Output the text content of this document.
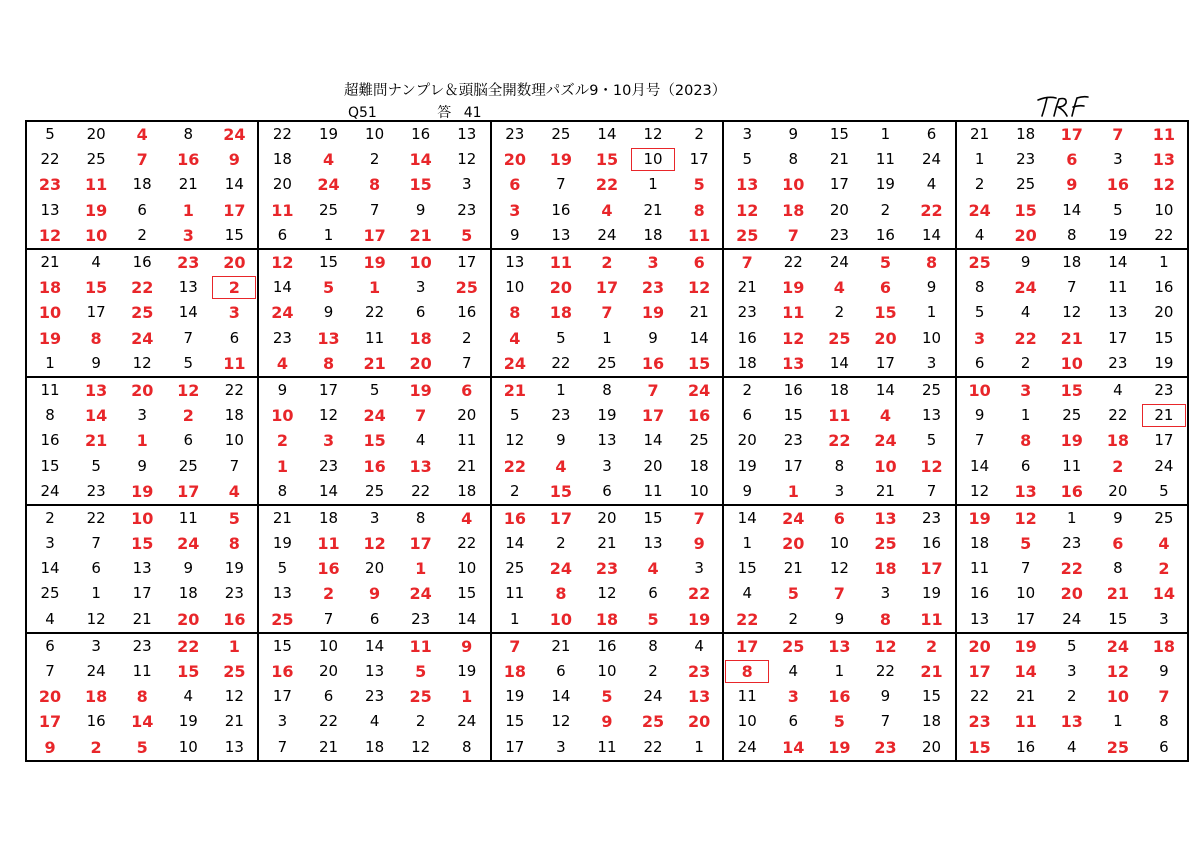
超難問ナンプレ＆頭脳全開数理パズル9・10月号（2023）
Q51	答 41
5	20	4	8	24	22	19	10	16	13	23	25	14	12	2	3	9	15	1	6	21	18	17	7	11
22	25	7	16	9	18	4	2	14	12	20	19	15	10	17	5	8	21	11	24	1	23	6	3	13
23	11	18	21	14	20	24	8	15	3	6	7	22	1	5	13	10	17	19	4	2	25	9	16	12
13	19	6	1	17	11	25	7	9	23	3	16	4	21	8	12	18	20	2	22	24	15	14	5	10
12	10	2	3	15	6	1	17	21	5	9	13	24	18	11	25	7	23	16	14	4	20	8	19	22
21	4	16	23	20	12	15	19	10	17	13	11	2	3	6	7	22	24	5	8	25	9	18	14	1
18	15	22	13	2	14	5	1	3	25	10	20	17	23	12	21	19	4	6	9	8	24	7	11	16
10	17	25	14	3	24	9	22	6	16	8	18	7	19	21	23	11	2	15	1	5	4	12	13	20
19	8	24	7	6	23	13	11	18	2	4	5	1	9	14	16	12	25	20	10	3	22	21	17	15
1	9	12	5	11	4	8	21	20	7	24	22	25	16	15	18	13	14	17	3	6	2	10	23	19
11	13	20	12	22	9	17	5	19	6	21	1	8	7	24	2	16	18	14	25	10	3	15	4	23
8	14	3	2	18	10	12	24	7	20	5	23	19	17	16	6	15	11	4	13	9	1	25	22	21
16	21	1	6	10	2	3	15	4	11	12	9	13	14	25	20	23	22	24	5	7	8	19	18	17
15	5	9	25	7	1	23	16	13	21	22	4	3	20	18	19	17	8	10	12	14	6	11	2	24
24	23	19	17	4	8	14	25	22	18	2	15	6	11	10	9	1	3	21	7	12	13	16	20	5
2	22	10	11	5	21	18	3	8	4	16	17	20	15	7	14	24	6	13	23	19	12	1	9	25
3	7	15	24	8	19	11	12	17	22	14	2	21	13	9	1	20	10	25	16	18	5	23	6	4
14	6	13	9	19	5	16	20	1	10	25	24	23	4	3	15	21	12	18	17	11	7	22	8	2
25	1	17	18	23	13	2	9	24	15	11	8	12	6	22	4	5	7	3	19	16	10	20	21	14
4	12	21	20	16	25	7	6	23	14	1	10	18	5	19	22	2	9	8	11	13	17	24	15	3
6	3	23	22	1	15	10	14	11	9	7	21	16	8	4	17	25	13	12	2	20	19	5	24	18
7	24	11	15	25	16	20	13	5	19	18	6	10	2	23	8	4	1	22	21	17	14	3	12	9
20	18	8	4	12	17	6	23	25	1	19	14	5	24	13	11	3	16	9	15	22	21	2	10	7
17	16	14	19	21	3	22	4	2	24	15	12	9	25	20	10	6	5	7	18	23	11	13	1	8
9	2	5	10	13	7	21	18	12	8	17	3	11	22	1	24	14	19	23	20	15	16	4	25	6
